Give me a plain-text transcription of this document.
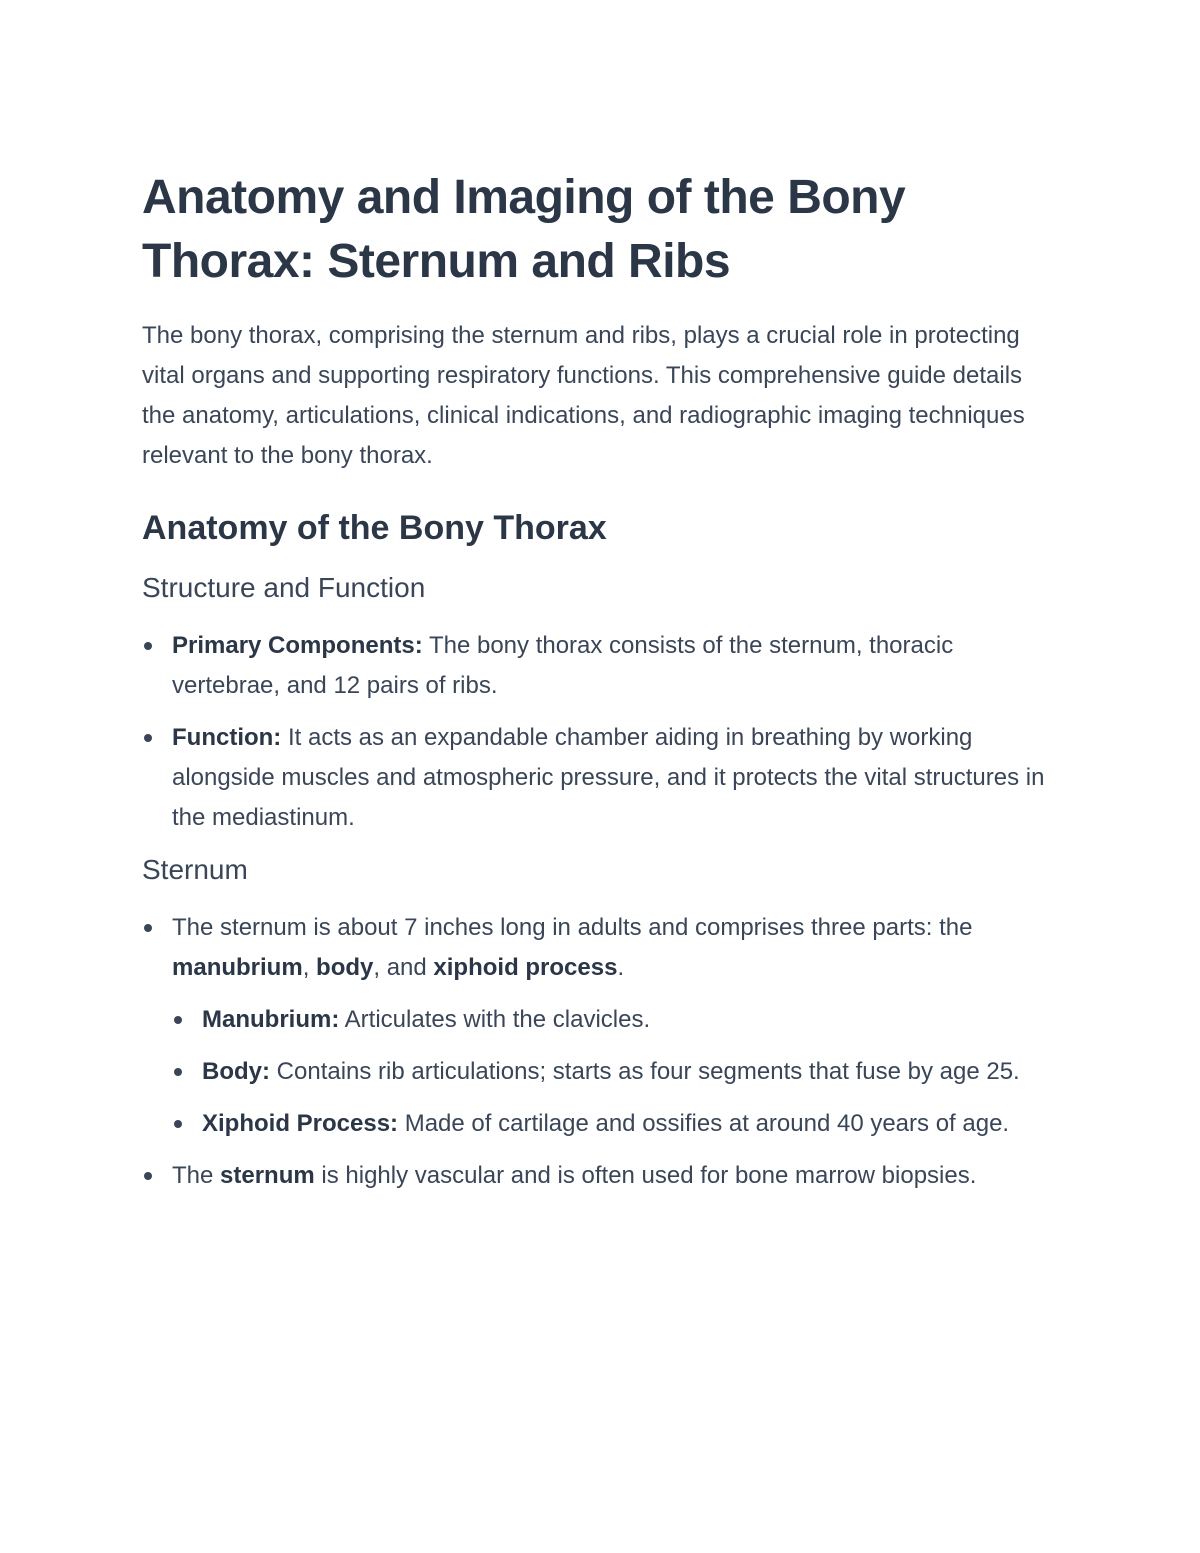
Anatomy and Imaging of the Bony Thorax: Sternum and Ribs

The bony thorax, comprising the sternum and ribs, plays a crucial role in protecting vital organs and supporting respiratory functions. This comprehensive guide details the anatomy, articulations, clinical indications, and radiographic imaging techniques relevant to the bony thorax.

Anatomy of the Bony Thorax
Structure and Function
Primary Components: The bony thorax consists of the sternum, thoracic vertebrae, and 12 pairs of ribs.
Function: It acts as an expandable chamber aiding in breathing by working alongside muscles and atmospheric pressure, and it protects the vital structures in the mediastinum.
Sternum
The sternum is about 7 inches long in adults and comprises three parts: the manubrium, body, and xiphoid process.
Manubrium: Articulates with the clavicles.
Body: Contains rib articulations; starts as four segments that fuse by age 25.
Xiphoid Process: Made of cartilage and ossifies at around 40 years of age.
The sternum is highly vascular and is often used for bone marrow biopsies.
